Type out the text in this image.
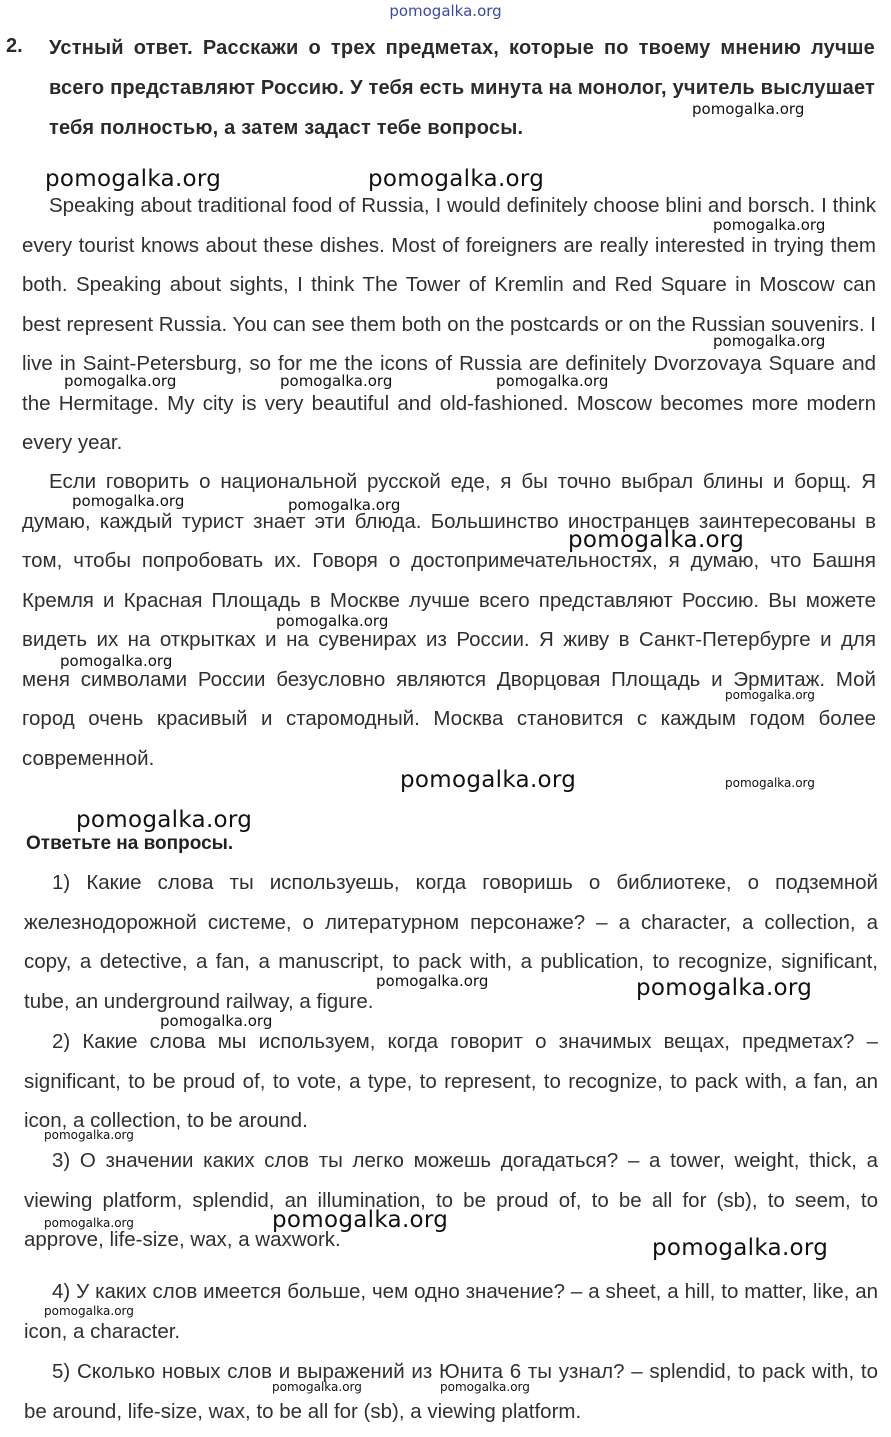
pomogalka.org
2. Устный ответ. Расскажи о трех предметах, которые по твоему мнению лучше всего представляют Россию. У тебя есть минута на монолог, учитель выслушает тебя полностью, а затем задаст тебе вопросы.
Speaking about traditional food of Russia, I would definitely choose blini and borsch. I think every tourist knows about these dishes. Most of foreigners are really interested in trying them both. Speaking about sights, I think The Tower of Kremlin and Red Square in Moscow can best represent Russia. You can see them both on the postcards or on the Russian souvenirs. I live in Saint-Petersburg, so for me the icons of Russia are definitely Dvorzovaya Square and the Hermitage. My city is very beautiful and old-fashioned. Moscow becomes more modern every year.
Если говорить о национальной русской еде, я бы точно выбрал блины и борщ. Я думаю, каждый турист знает эти блюда. Большинство иностранцев заинтересованы в том, чтобы попробовать их. Говоря о достопримечательностях, я думаю, что Башня Кремля и Красная Площадь в Москве лучше всего представляют Россию. Вы можете видеть их на открытках и на сувенирах из России. Я живу в Санкт-Петербурге и для меня символами России безусловно являются Дворцовая Площадь и Эрмитаж. Мой город очень красивый и старомодный. Москва становится с каждым годом более современной.
Ответьте на вопросы.
1) Какие слова ты используешь, когда говоришь о библиотеке, о подземной железнодорожной системе, о литературном персонаже? – a character, a collection, a copy, a detective, a fan, a manuscript, to pack with, a publication, to recognize, significant, tube, an underground railway, a figure.
2) Какие слова мы используем, когда говорит о значимых вещах, предметах? – significant, to be proud of, to vote, a type, to represent, to recognize, to pack with, a fan, an icon, a collection, to be around.
3) О значении каких слов ты легко можешь догадаться? – a tower, weight, thick, a viewing platform, splendid, an illumination, to be proud of, to be all for (sb), to seem, to approve, life-size, wax, a waxwork.
4) У каких слов имеется больше, чем одно значение? – a sheet, a hill, to matter, like, an icon, a character.
5) Сколько новых слов и выражений из Юнита 6 ты узнал? – splendid, to pack with, to be around, life-size, wax, to be all for (sb), a viewing platform.
pomogalka.org
pomogalka.org	pomogalka.org
pomogalka.org
pomogalka.org
pomogalka.org	pomogalka.org	pomogalka.org
pomogalka.org	pomogalka.org
pomogalka.org
pomogalka.org
pomogalka.org
pomogalka.org
pomogalka.org	pomogalka.org
pomogalka.org
pomogalka.org	pomogalka.org
pomogalka.org
pomogalka.org
pomogalka.org	pomogalka.org
pomogalka.org
pomogalka.org
pomogalka.org	pomogalka.org
